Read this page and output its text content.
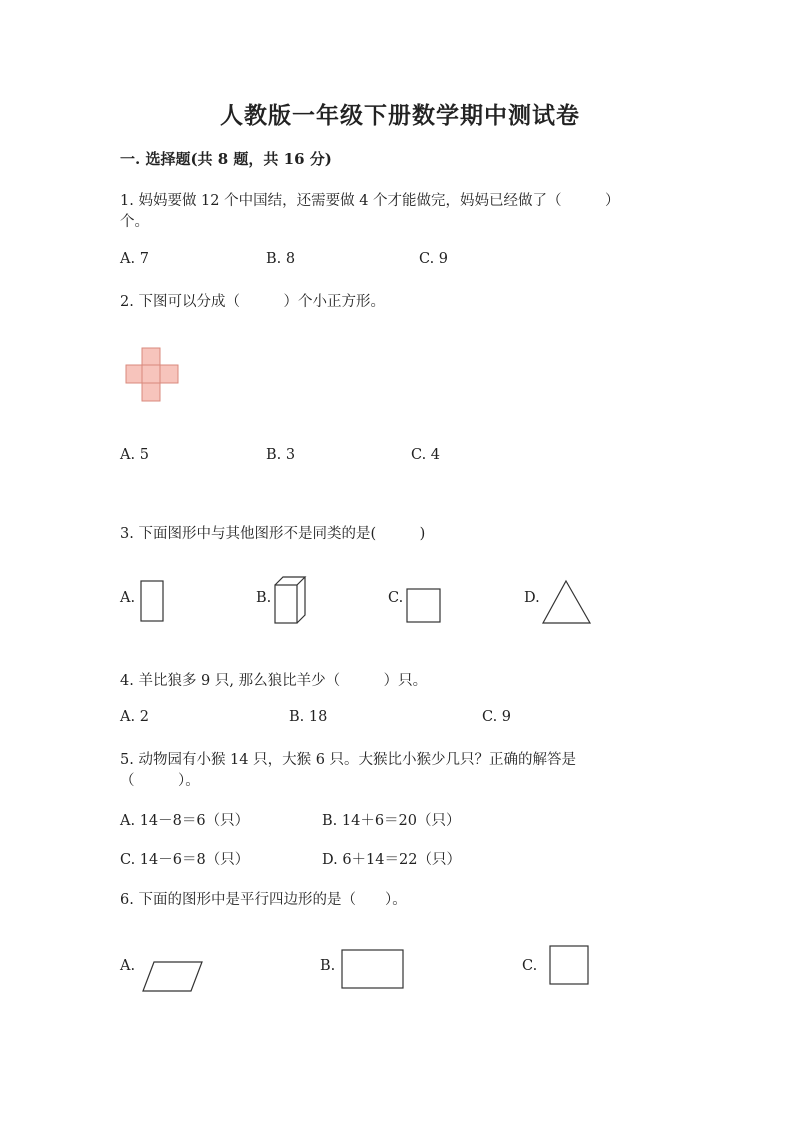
人教版一年级下册数学期中测试卷
一. 选择题(共 8 题，共 16 分)
1. 妈妈要做 12 个中国结，还需要做 4 个才能做完，妈妈已经做了（　　　）
个。
A. 7	B. 8	C. 9
2. 下图可以分成（　　　）个小正方形。
A. 5	B. 3	C. 4
3. 下面图形中与其他图形不是同类的是(　　　)
A.	B.	C.	D.
4. 羊比狼多 9 只, 那么狼比羊少（　　　）只。
A. 2	B. 18	C. 9
5. 动物园有小猴 14 只，大猴 6 只。大猴比小猴少几只？正确的解答是
（　　　）。
A. 14－8＝6（只）	B. 14＋6＝20（只）
C. 14－6＝8（只）	D. 6＋14＝22（只）
6. 下面的图形中是平行四边形的是（　　）。
A.	B.	C.
